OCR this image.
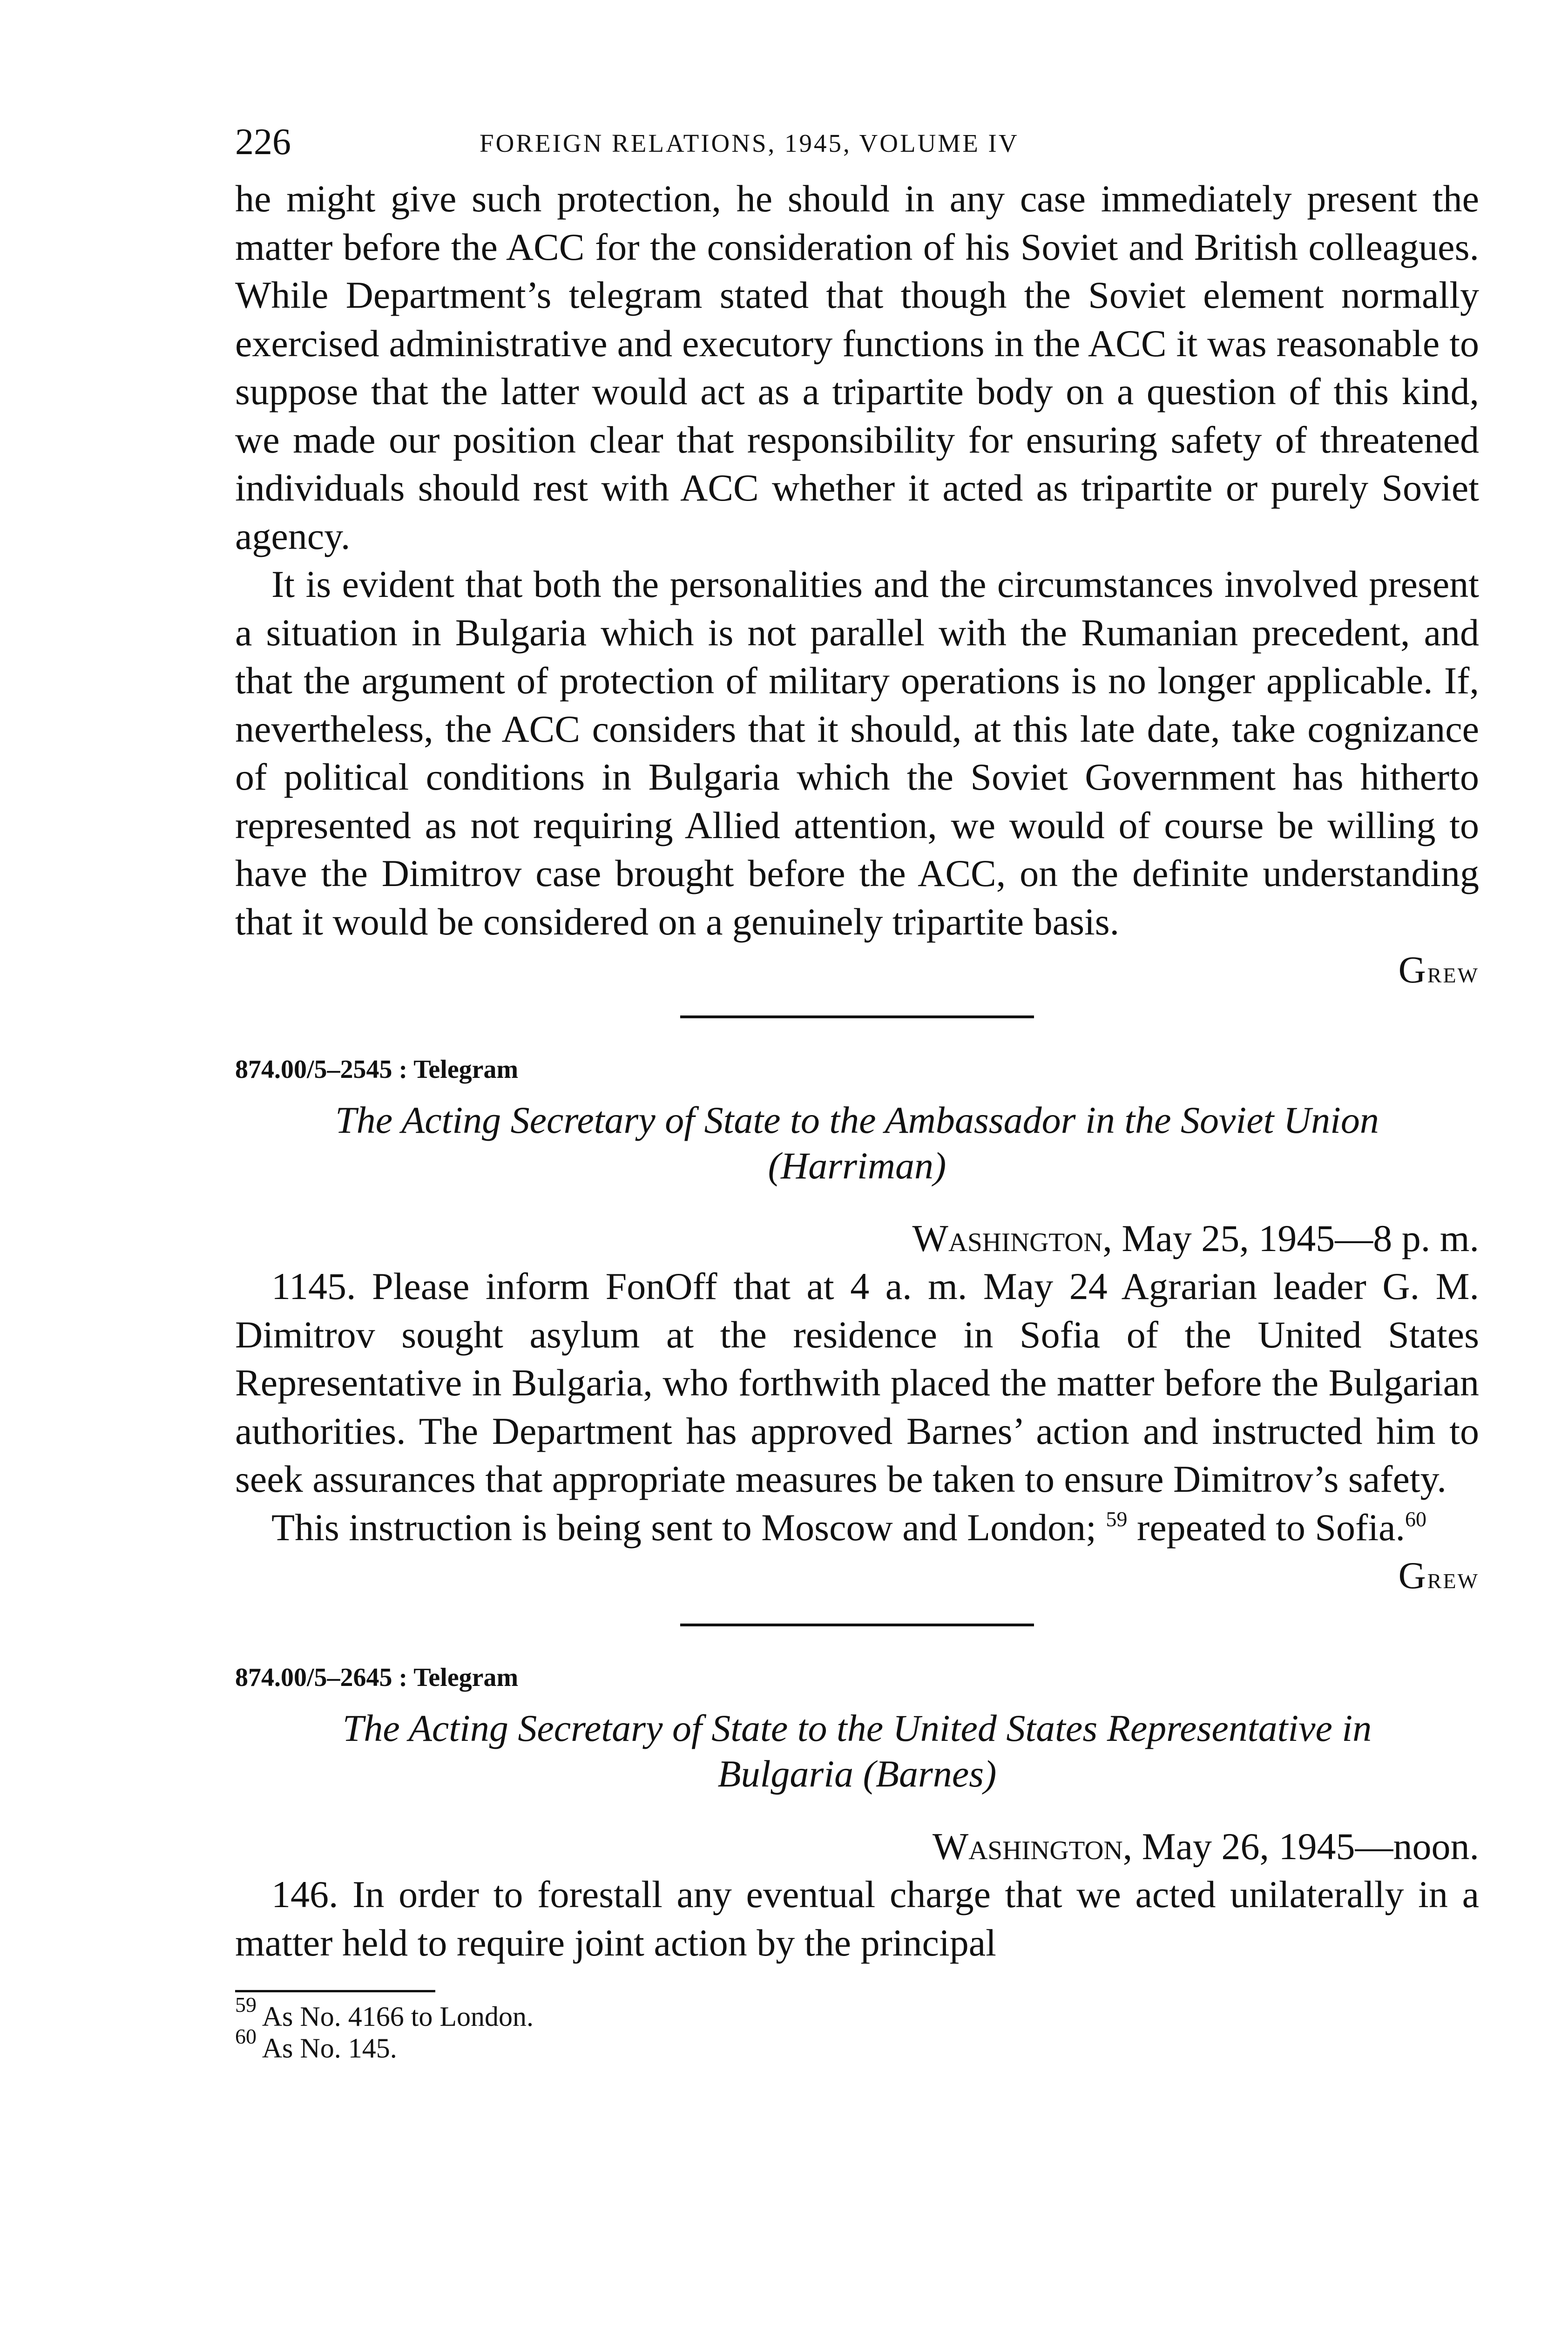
226	FOREIGN RELATIONS, 1945, VOLUME IV

he might give such protection, he should in any case immediately present the matter before the ACC for the consideration of his Soviet and British colleagues. While Department’s telegram stated that though the Soviet element normally exercised administrative and executory functions in the ACC it was reasonable to suppose that the latter would act as a tripartite body on a question of this kind, we made our position clear that responsibility for ensuring safety of threatened individuals should rest with ACC whether it acted as tripartite or purely Soviet agency.

It is evident that both the personalities and the circumstances involved present a situation in Bulgaria which is not parallel with the Rumanian precedent, and that the argument of protection of military operations is no longer applicable. If, nevertheless, the ACC considers that it should, at this late date, take cognizance of political conditions in Bulgaria which the Soviet Government has hitherto represented as not requiring Allied attention, we would of course be willing to have the Dimitrov case brought before the ACC, on the definite understanding that it would be considered on a genuinely tripartite basis.

Grew

874.00/5–2545 : Telegram

The Acting Secretary of State to the Ambassador in the Soviet Union

(Harriman)

Washington, May 25, 1945—8 p. m.

1145. Please inform FonOff that at 4 a. m. May 24 Agrarian leader G. M. Dimitrov sought asylum at the residence in Sofia of the United States Representative in Bulgaria, who forthwith placed the matter before the Bulgarian authorities. The Department has approved Barnes’ action and instructed him to seek assurances that appropriate measures be taken to ensure Dimitrov’s safety.

This instruction is being sent to Moscow and London; $^{59}$ repeated to Sofia.$^{60}$

Grew

874.00/5–2645 : Telegram

The Acting Secretary of State to the United States Representative in

Bulgaria (Barnes)

Washington, May 26, 1945—noon.

146. In order to forestall any eventual charge that we acted unilaterally in a matter held to require joint action by the principal

$^{59}$ As No. 4166 to London.

$^{60}$ As No. 145.
